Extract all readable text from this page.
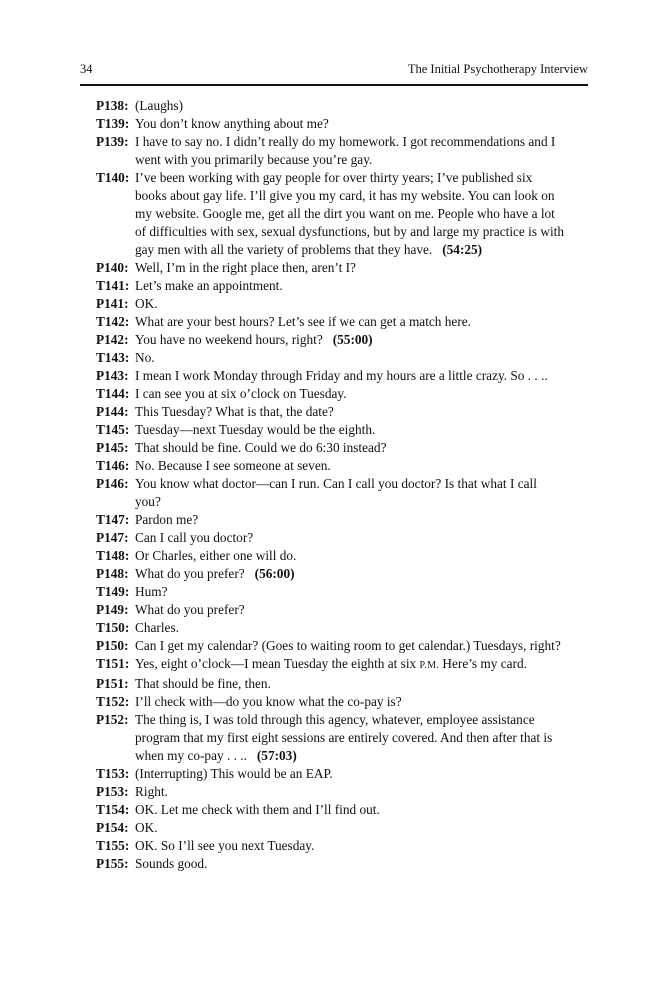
34	The Initial Psychotherapy Interview
P138: (Laughs)
T139: You don’t know anything about me?
P139: I have to say no. I didn’t really do my homework. I got recommendations and I went with you primarily because you’re gay.
T140: I’ve been working with gay people for over thirty years; I’ve published six books about gay life. I’ll give you my card, it has my website. You can look on my website. Google me, get all the dirt you want on me. People who have a lot of difficulties with sex, sexual dysfunctions, but by and large my practice is with gay men with all the variety of problems that they have. (54:25)
P140: Well, I’m in the right place then, aren’t I?
T141: Let’s make an appointment.
P141: OK.
T142: What are your best hours? Let’s see if we can get a match here.
P142: You have no weekend hours, right? (55:00)
T143: No.
P143: I mean I work Monday through Friday and my hours are a little crazy. So . . ..
T144: I can see you at six o’clock on Tuesday.
P144: This Tuesday? What is that, the date?
T145: Tuesday—next Tuesday would be the eighth.
P145: That should be fine. Could we do 6:30 instead?
T146: No. Because I see someone at seven.
P146: You know what doctor—can I run. Can I call you doctor? Is that what I call you?
T147: Pardon me?
P147: Can I call you doctor?
T148: Or Charles, either one will do.
P148: What do you prefer? (56:00)
T149: Hum?
P149: What do you prefer?
T150: Charles.
P150: Can I get my calendar? (Goes to waiting room to get calendar.) Tuesdays, right?
T151: Yes, eight o’clock—I mean Tuesday the eighth at six P.M. Here’s my card.
P151: That should be fine, then.
T152: I’ll check with—do you know what the co-pay is?
P152: The thing is, I was told through this agency, whatever, employee assistance program that my first eight sessions are entirely covered. And then after that is when my co-pay . . .. (57:03)
T153: (Interrupting) This would be an EAP.
P153: Right.
T154: OK. Let me check with them and I’ll find out.
P154: OK.
T155: OK. So I’ll see you next Tuesday.
P155: Sounds good.
